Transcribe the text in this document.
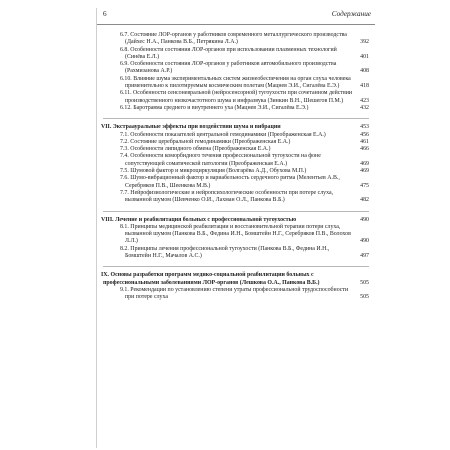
6	Содержание
6.7. Состояние ЛОР-органов у работников современного металлургического производства (Дайхес Н.А., Панкова В.Б., Петрякина Л.А.)	392
6.8. Особенности состояния ЛОР-органов при использовании плазменных технологий (Синёва Е.Л.)	401
6.9. Особенности состояния ЛОР-органов у работников автомобильного производства (Рахмизанова А.Р.)	408
6.10. Влияние шума экспериментальных систем жизнеобеспечения на орган слуха человека применительно к пилотируемым космическим полетам (Мацнев Э.И., Сигалёва Е.Э.)	418
6.11. Особенности сенсоневральной (нейросенсорной) тугоухости при сочетанном действии производственного низкочастотного шума и инфразвука (Зинкин В.Н., Шешегов П.М.)	423
6.12. Баротравма среднего и внутреннего уха (Мацнев Э.И., Сигалёва Е.Э.)	432
VII. Экстраауральные эффекты при воздействии шума и вибрации	453
7.1. Особенности показателей центральной гемодинамики (Преображенская Е.А.)	456
7.2. Состояние церебральной гемодинамики (Преображенская Е.А.)	461
7.3. Особенности липидного обмена (Преображенская Е.А.)	466
7.4. Особенности коморбидного течения профессиональной тугоухости на фоне сопутствующей соматической патологии (Преображенская Е.А.)	469
7.5. Шумовой фактор и микроциркуляция (Волгарёва А.Д., Обухова М.П.)	469
7.6. Шумо-вибрационный фактор и вариабельность сердечного ритма (Мелентьев А.В., Серебряков П.В., Шеенкова М.В.)	475
7.7. Нейрофизиологические и нейропсихологические особенности при потере слуха, вызванной шумом (Шевченко О.И., Лахман О.Л., Панкова В.Б.)	482
VIII. Лечение и реабилитация больных с профессиональной тугоухостью	490
8.1. Принципы медицинской реабилитации и восстановительной терапии потери слуха, вызванной шумом (Панкова В.Б., Федина И.Н., Бомштейн Н.Г., Серебряков П.В., Волохов Л.Л.)	490
8.2. Принципы лечения профессиональной тугоухости (Панкова В.Б., Федина И.Н., Бомштейн Н.Г., Мачалов А.С.)	497
IX. Основы разработки программ медико-социальной реабилитации больных с профессиональными заболеваниями ЛОР-органов (Лешкова О.А., Панкова В.Б.)	505
9.1. Рекомендации по установлению степени утраты профессиональной трудоспособности при потере слуха	505
